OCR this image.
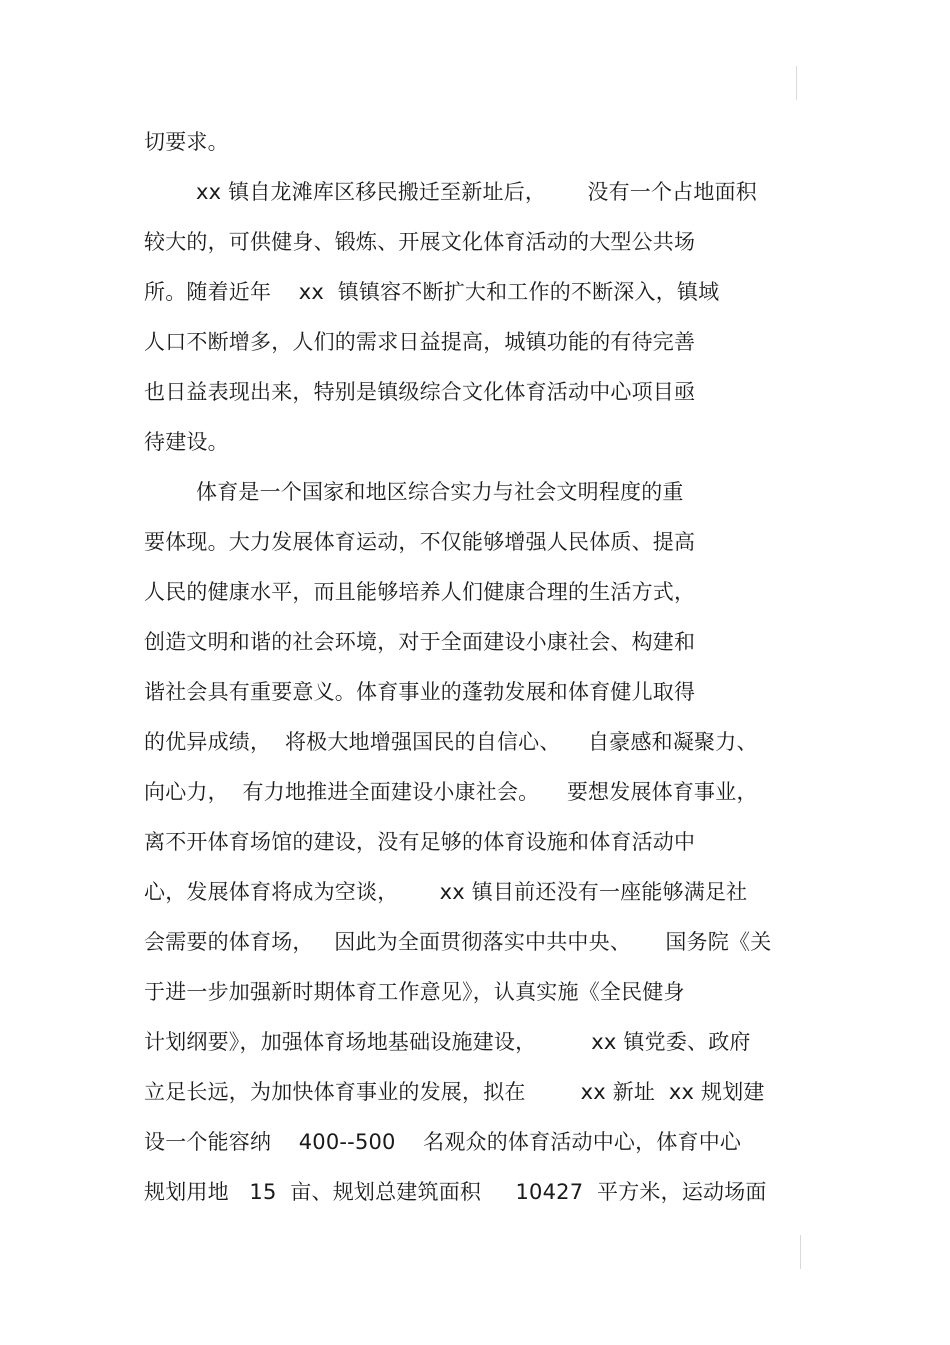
切要求。
xx 镇自龙滩库区移民搬迁至新址后，      没有一个占地面积
较大的，可供健身、锻炼、开展文化体育活动的大型公共场
所。随着近年    xx  镇镇容不断扩大和工作的不断深入，镇域
人口不断增多，人们的需求日益提高，城镇功能的有待完善
也日益表现出来，特别是镇级综合文化体育活动中心项目亟
待建设。
体育是一个国家和地区综合实力与社会文明程度的重
要体现。大力发展体育运动，不仅能够增强人民体质、提高
人民的健康水平，而且能够培养人们健康合理的生活方式，
创造文明和谐的社会环境，对于全面建设小康社会、构建和
谐社会具有重要意义。体育事业的蓬勃发展和体育健儿取得
的优异成绩，  将极大地增强国民的自信心、    自豪感和凝聚力、
向心力，  有力地推进全面建设小康社会。    要想发展体育事业，
离不开体育场馆的建设，没有足够的体育设施和体育活动中
心，发展体育将成为空谈，      xx 镇目前还没有一座能够满足社
会需要的体育场，   因此为全面贯彻落实中共中央、     国务院《关
于进一步加强新时期体育工作意见》，认真实施《全民健身
计划纲要》，加强体育场地基础设施建设，        xx 镇党委、政府
立足长远，为加快体育事业的发展，拟在        xx 新址  xx 规划建
设一个能容纳    400--500    名观众的体育活动中心，体育中心
规划用地   15  亩、规划总建筑面积     10427  平方米，运动场面
